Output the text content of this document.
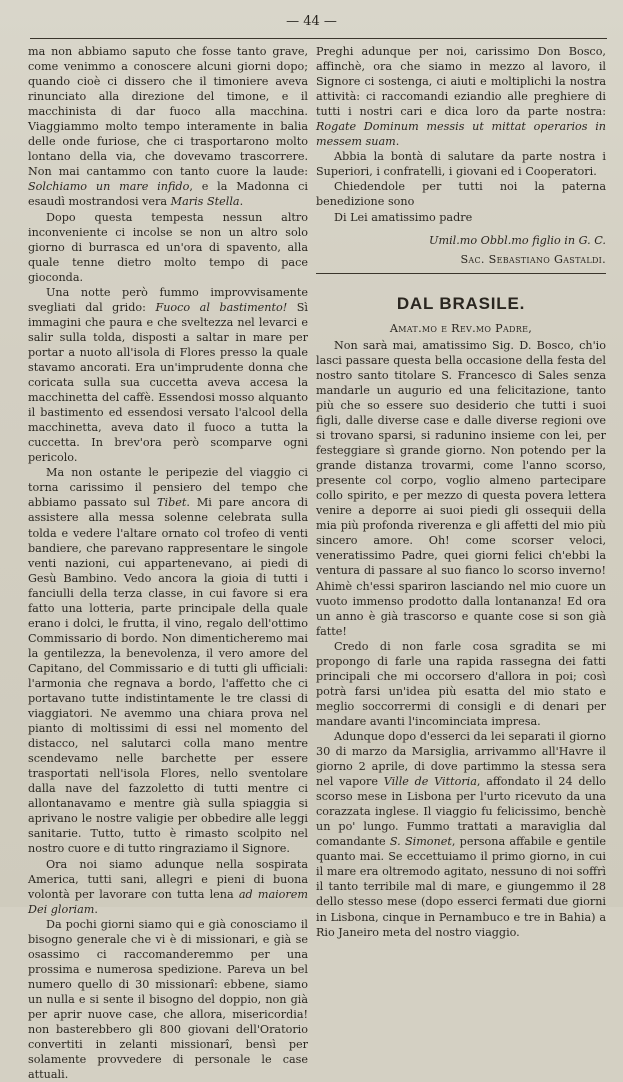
— 44 —

ma non abbiamo saputo che fosse tanto grave, come venimmo a conoscere alcuni giorni dopo; quando cioè ci dissero che il timoniere aveva rinunciato alla direzione del timone, e il macchinista di dar fuoco alla macchina. Viaggiammo molto tempo interamente in balia delle onde furiose, che ci trasportarono molto lontano della via, che dovevamo trascorrere. Non mai cantammo con tanto cuore la laude: Solchiamo un mare infido, e la Madonna ci esaudì mostrandosi vera Maris Stella.

Dopo questa tempesta nessun altro inconveniente ci incolse se non un altro solo giorno di burrasca ed un'ora di spavento, alla quale tenne dietro molto tempo di pace gioconda.

Una notte però fummo improvvisamente svegliati dal grido: Fuoco al bastimento! Sì immagini che paura e che sveltezza nel levarci e salir sulla tolda, disposti a saltar in mare per portar a nuoto all'isola di Flores presso la quale stavamo ancorati. Era un'imprudente donna che coricata sulla sua cuccetta aveva accesa la macchinetta del caffè. Essendosi mosso alquanto il bastimento ed essendosi versato l'alcool della macchinetta, aveva dato il fuoco a tutta la cuccetta. In brev'ora però scomparve ogni pericolo.

Ma non ostante le peripezie del viaggio ci torna carissimo il pensiero del tempo che abbiamo passato sul Tibet. Mi pare ancora di assistere alla messa solenne celebrata sulla tolda e vedere l'altare ornato col trofeo di venti bandiere, che parevano rappresentare le singole venti nazioni, cui appartenevano, ai piedi di Gesù Bambino. Vedo ancora la gioia di tutti i fanciulli della terza classe, in cui favore si era fatto una lotteria, parte principale della quale erano i dolci, le frutta, il vino, regalo dell'ottimo Commissario di bordo. Non dimenticheremo mai la gentilezza, la benevolenza, il vero amore del Capitano, del Commissario e di tutti gli ufficiali: l'armonia che regnava a bordo, l'affetto che ci portavano tutte indistintamente le tre classi di viaggiatori. Ne avemmo una chiara prova nel pianto di moltissimi di essi nel momento del distacco, nel salutarci colla mano mentre scendevamo nelle barchette per essere trasportati nell'isola Flores, nello sventolare dalla nave del fazzoletto di tutti mentre ci allontanavamo e mentre già sulla spiaggia si aprivano le nostre valigie per obbedire alle leggi sanitarie. Tutto, tutto è rimasto scolpito nel nostro cuore e di tutto ringraziamo il Signore.

Ora noi siamo adunque nella sospirata America, tutti sani, allegri e pieni di buona volontà per lavorare con tutta lena ad maiorem Dei gloriam.

Da pochi giorni siamo qui e già conosciamo il bisogno generale che vi è di missionari, e già se osassimo ci raccomanderemmo per una prossima e numerosa spedizione. Pareva un bel numero quello di 30 missionarî: ebbene, siamo un nulla e si sente il bisogno del doppio, non già per aprir nuove case, che allora, misericordia! non basterebbero gli 800 giovani dell'Oratorio convertiti in zelanti missionarî, bensì per solamente provvedere di personale le case attuali.

Preghi adunque per noi, carissimo Don Bosco, affinchè, ora che siamo in mezzo al lavoro, il Signore ci sostenga, ci aiuti e moltiplichi la nostra attività: ci raccomandi eziandio alle preghiere di tutti i nostri cari e dica loro da parte nostra: Rogate Dominum messis ut mittat operarios in messem suam.

Abbia la bontà di salutare da parte nostra i Superiori, i confratelli, i giovani ed i Cooperatori.

Chiedendole per tutti noi la paterna benedizione sono

Di Lei amatissimo padre

Umil.mo Obbl.mo figlio in G. C.
Sac. Sebastiano Gastaldi.
DAL BRASILE.
Amat.mo e Rev.mo Padre,

Non sarà mai, amatissimo Sig. D. Bosco, ch'io lasci passare questa bella occasione della festa del nostro santo titolare S. Francesco di Sales senza mandarle un augurio ed una felicitazione, tanto più che so essere suo desiderio che tutti i suoi figli, dalle diverse case e dalle diverse regioni ove si trovano sparsi, si radunino insieme con lei, per festeggiare sì grande giorno. Non potendo per la grande distanza trovarmi, come l'anno scorso, presente col corpo, voglio almeno partecipare collo spirito, e per mezzo di questa povera lettera venire a deporre ai suoi piedi gli ossequii della mia più profonda riverenza e gli affetti del mio più sincero amore. Oh! come scorser veloci, veneratissimo Padre, quei giorni felici ch'ebbi la ventura di passare al suo fianco lo scorso inverno! Ahimè ch'essi spariron lasciando nel mio cuore un vuoto immenso prodotto dalla lontananza! Ed ora un anno è già trascorso e quante cose si son già fatte!

Credo di non farle cosa sgradita se mi propongo di farle una rapida rassegna dei fatti principali che mi occorsero d'allora in poi; così potrà farsi un'idea più esatta del mio stato e meglio soccorrermi di consigli e di denari per mandare avanti l'incominciata impresa.

Adunque dopo d'esserci da lei separati il giorno 30 di marzo da Marsiglia, arrivammo all'Havre il giorno 2 aprile, di dove partimmo la stessa sera nel vapore Ville de Vittoria, affondato il 24 dello scorso mese in Lisbona per l'urto ricevuto da una corazzata inglese. Il viaggio fu felicissimo, benchè un po' lungo. Fummo trattati a maraviglia dal comandante S. Simonet, persona affabile e gentile quanto mai. Se eccettuiamo il primo giorno, in cui il mare era oltremodo agitato, nessuno di noi soffrì il tanto terribile mal di mare, e giungemmo il 28 dello stesso mese (dopo esserci fermati due giorni in Lisbona, cinque in Pernambuco e tre in Bahia) a Rio Janeiro meta del nostro viaggio.
